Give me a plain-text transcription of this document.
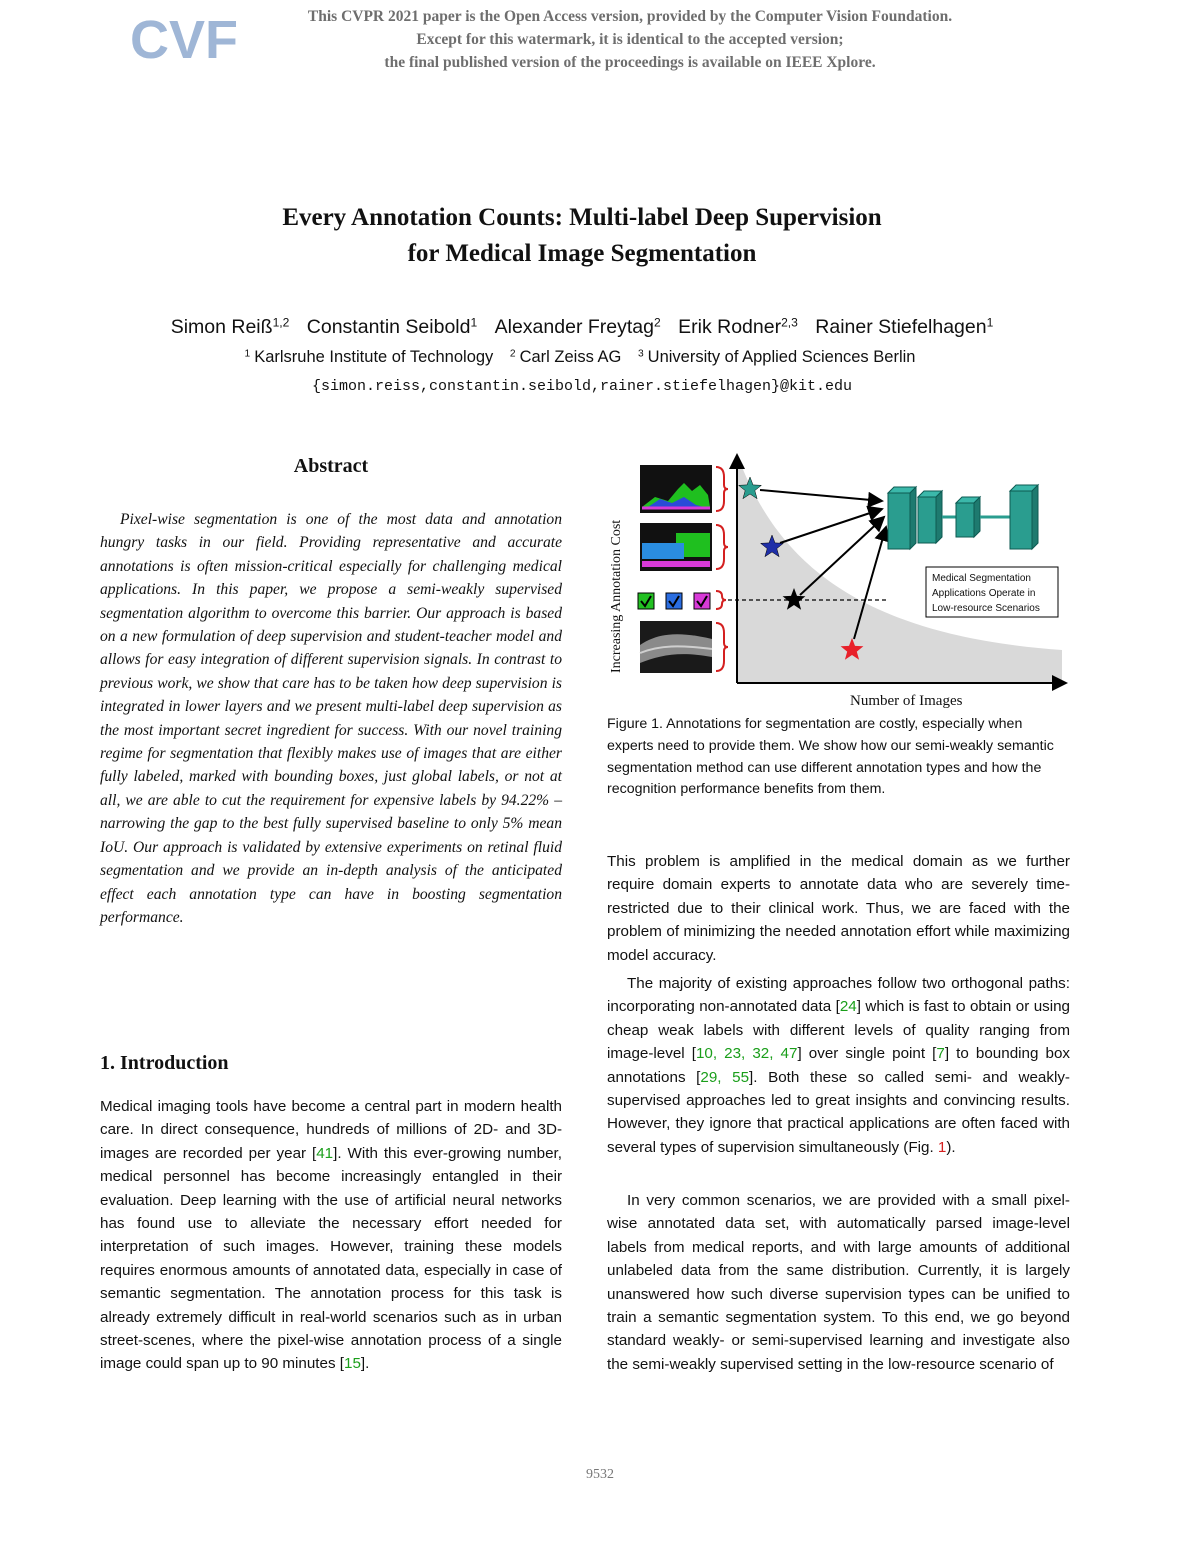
CVF	This CVPR 2021 paper is the Open Access version, provided by the Computer Vision Foundation.
Except for this watermark, it is identical to the accepted version;
the final published version of the proceedings is available on IEEE Xplore.
Every Annotation Counts: Multi-label Deep Supervision
for Medical Image Segmentation
Simon Reiß$^{1,2}$ Constantin Seibold$^1$ Alexander Freytag$^2$ Erik Rodner$^{2,3}$ Rainer Stiefelhagen$^1$
$^1$ Karlsruhe Institute of Technology $^2$ Carl Zeiss AG $^3$ University of Applied Sciences Berlin
{simon.reiss,constantin.seibold,rainer.stiefelhagen}@kit.edu
Abstract

Pixel-wise segmentation is one of the most data and annotation hungry tasks in our field. Providing representative and accurate annotations is often mission-critical especially for challenging medical applications. In this paper, we propose a semi-weakly supervised segmentation algorithm to overcome this barrier. Our approach is based on a new formulation of deep supervision and student-teacher model and allows for easy integration of different supervision signals. In contrast to previous work, we show that care has to be taken how deep supervision is integrated in lower layers and we present multi-label deep supervision as the most important secret ingredient for success. With our novel training regime for segmentation that flexibly makes use of images that are either fully labeled, marked with bounding boxes, just global labels, or not at all, we are able to cut the requirement for expensive labels by 94.22% – narrowing the gap to the best fully supervised baseline to only 5% mean IoU. Our approach is validated by extensive experiments on retinal fluid segmentation and we provide an in-depth analysis of the anticipated effect each annotation type can have in boosting segmentation performance.

1. Introduction

Medical imaging tools have become a central part in modern health care. In direct consequence, hundreds of millions of 2D- and 3D-images are recorded per year [41]. With this ever-growing number, medical personnel has become increasingly entangled in their evaluation. Deep learning with the use of artificial neural networks has found use to alleviate the necessary effort needed for interpretation of such images. However, training these models requires enormous amounts of annotated data, especially in case of semantic segmentation. The annotation process for this task is already extremely difficult in real-world scenarios such as in urban street-scenes, where the pixel-wise annotation process of a single image could span up to 90 minutes [15].

Increasing Annotation Cost
Number of Images
Medical Segmentation
Applications Operate in
Low-resource Scenarios

Figure 1. Annotations for segmentation are costly, especially when experts need to provide them. We show how our semi-weakly semantic segmentation method can use different annotation types and how the recognition performance benefits from them.

This problem is amplified in the medical domain as we further require domain experts to annotate data who are severely time-restricted due to their clinical work. Thus, we are faced with the problem of minimizing the needed annotation effort while maximizing model accuracy.

The majority of existing approaches follow two orthogonal paths: incorporating non-annotated data [24] which is fast to obtain or using cheap weak labels with different levels of quality ranging from image-level [10, 23, 32, 47] over single point [7] to bounding box annotations [29, 55]. Both these so called semi- and weakly-supervised approaches led to great insights and convincing results. However, they ignore that practical applications are often faced with several types of supervision simultaneously (Fig. 1).

In very common scenarios, we are provided with a small pixel-wise annotated data set, with automatically parsed image-level labels from medical reports, and with large amounts of additional unlabeled data from the same distribution. Currently, it is largely unanswered how such diverse supervision types can be unified to train a semantic segmentation system. To this end, we go beyond standard weakly- or semi-supervised learning and investigate also the semi-weakly supervised setting in the low-resource scenario of

9532
